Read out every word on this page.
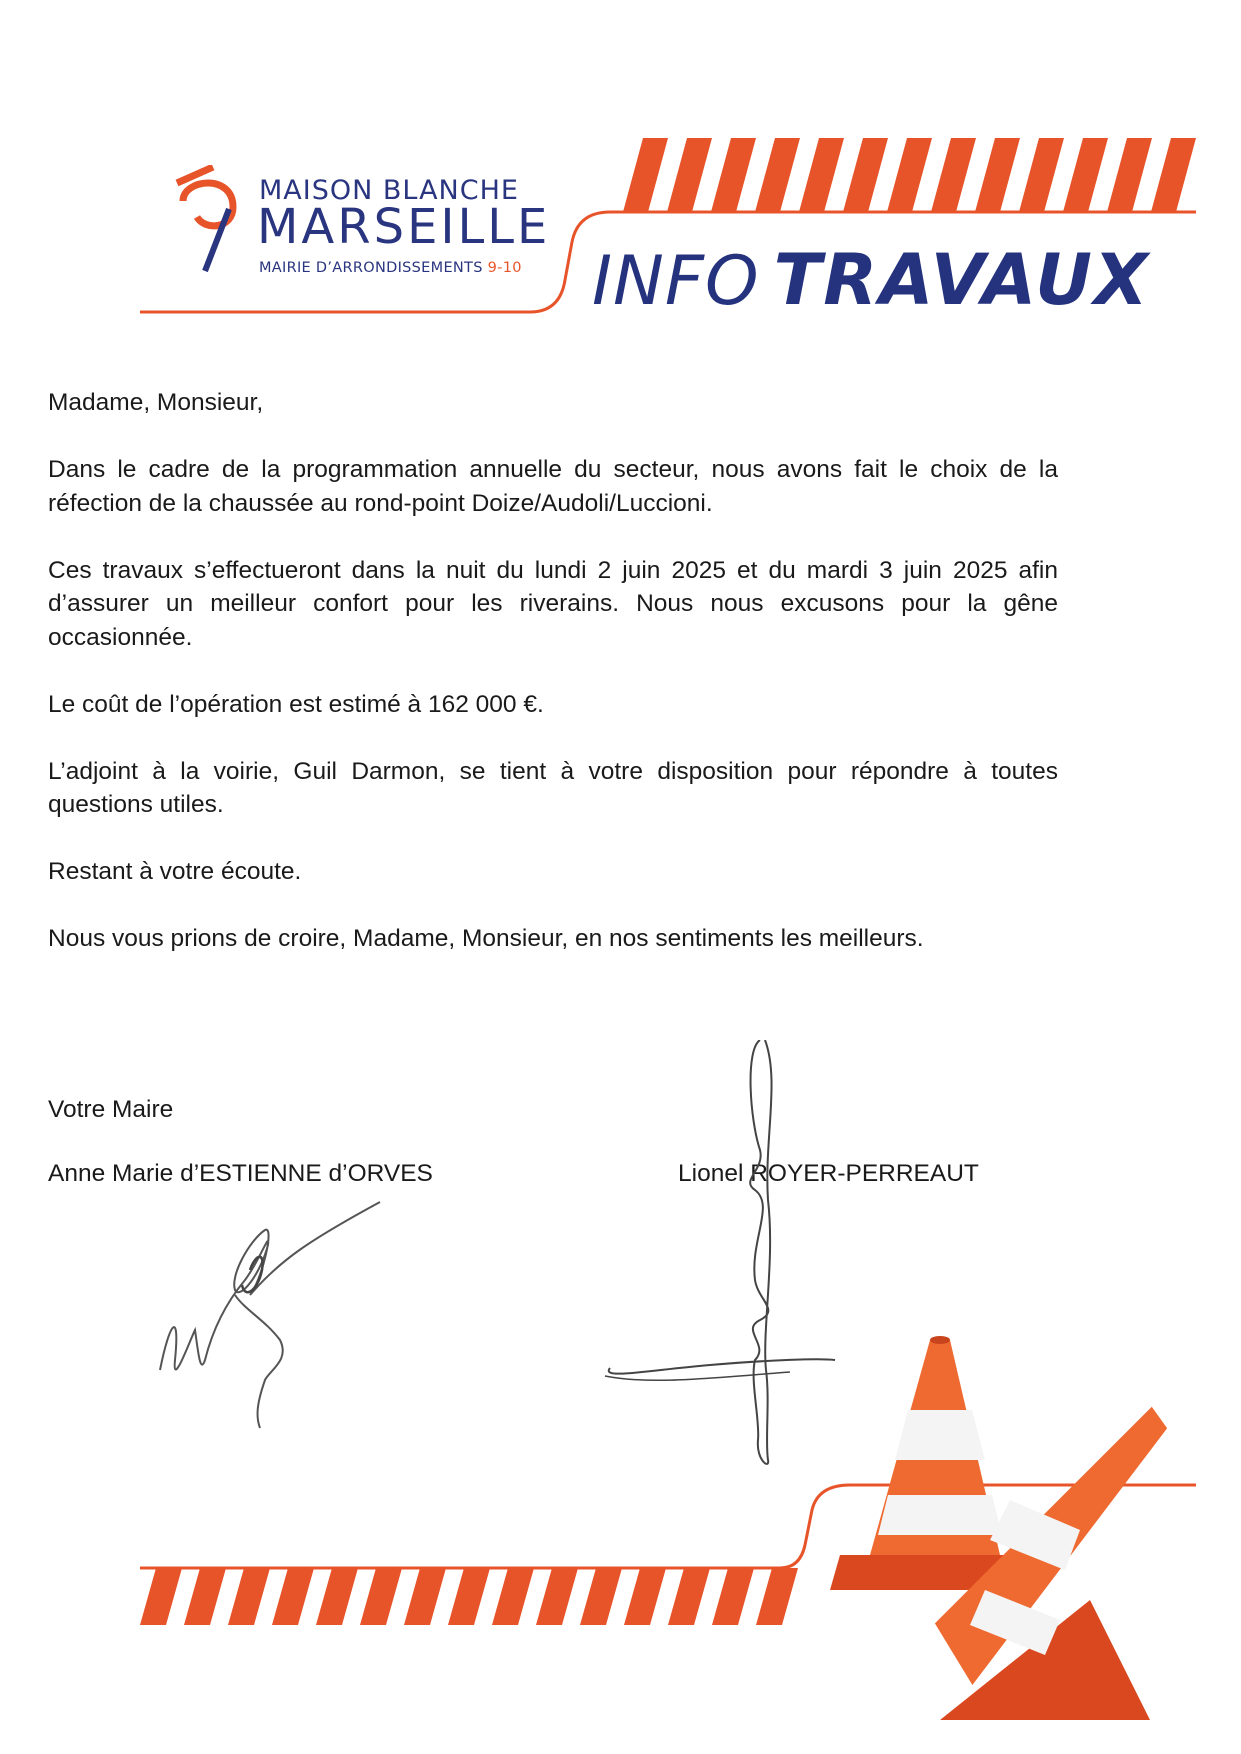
MAISON BLANCHE
MARSEILLE
MAIRIE D’ARRONDISSEMENTS 9-10 INFO TRAVAUX

Madame, Monsieur,

Dans le cadre de la programmation annuelle du secteur, nous avons fait le choix de la réfection de la chaussée au rond-point Doize/Audoli/Luccioni.

Ces travaux s’effectueront dans la nuit du lundi 2 juin 2025 et du mardi 3 juin 2025 afin d’assurer un meilleur confort pour les riverains. Nous nous excusons pour la gêne occasionnée.

Le coût de l’opération est estimé à 162 000 €.

L’adjoint à la voirie, Guil Darmon, se tient à votre disposition pour répondre à toutes questions utiles.

Restant à votre écoute.

Nous vous prions de croire, Madame, Monsieur, en nos sentiments les meilleurs.

Votre Maire
Anne Marie d’ESTIENNE d’ORVES	Lionel ROYER-PERREAUT
